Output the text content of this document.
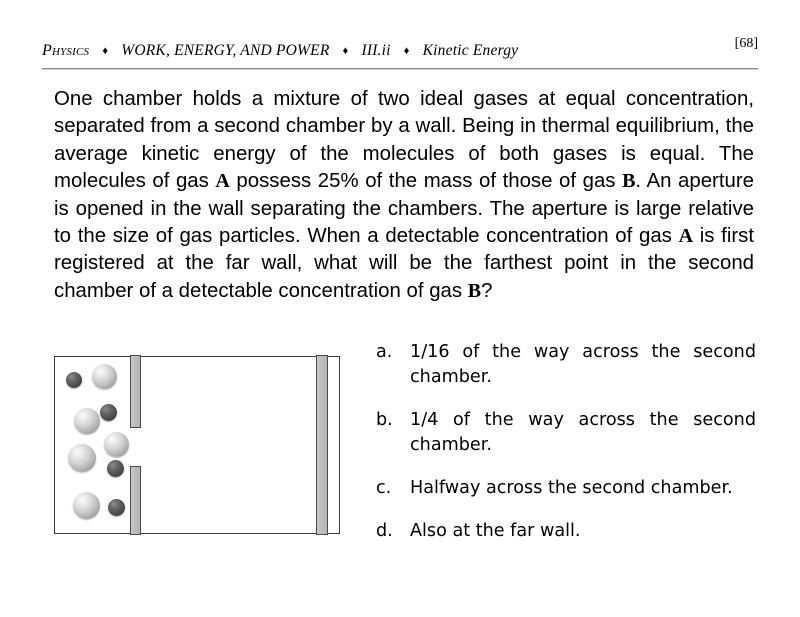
Physics ♦ WORK, ENERGY, AND POWER ♦ III.ii ♦ Kinetic Energy	[68]
One chamber holds a mixture of two ideal gases at equal concentration, separated from a second chamber by a wall. Being in thermal equilibrium, the average kinetic energy of the molecules of both gases is equal. The molecules of gas A possess 25% of the mass of those of gas B. An aperture is opened in the wall separating the chambers. The aperture is large relative to the size of gas particles. When a detectable concentration of gas A is first registered at the far wall, what will be the farthest point in the second chamber of a detectable concentration of gas B?
a. 1/16 of the way across the second chamber.
b. 1/4 of the way across the second chamber.
c. Halfway across the second chamber.
d. Also at the far wall.
